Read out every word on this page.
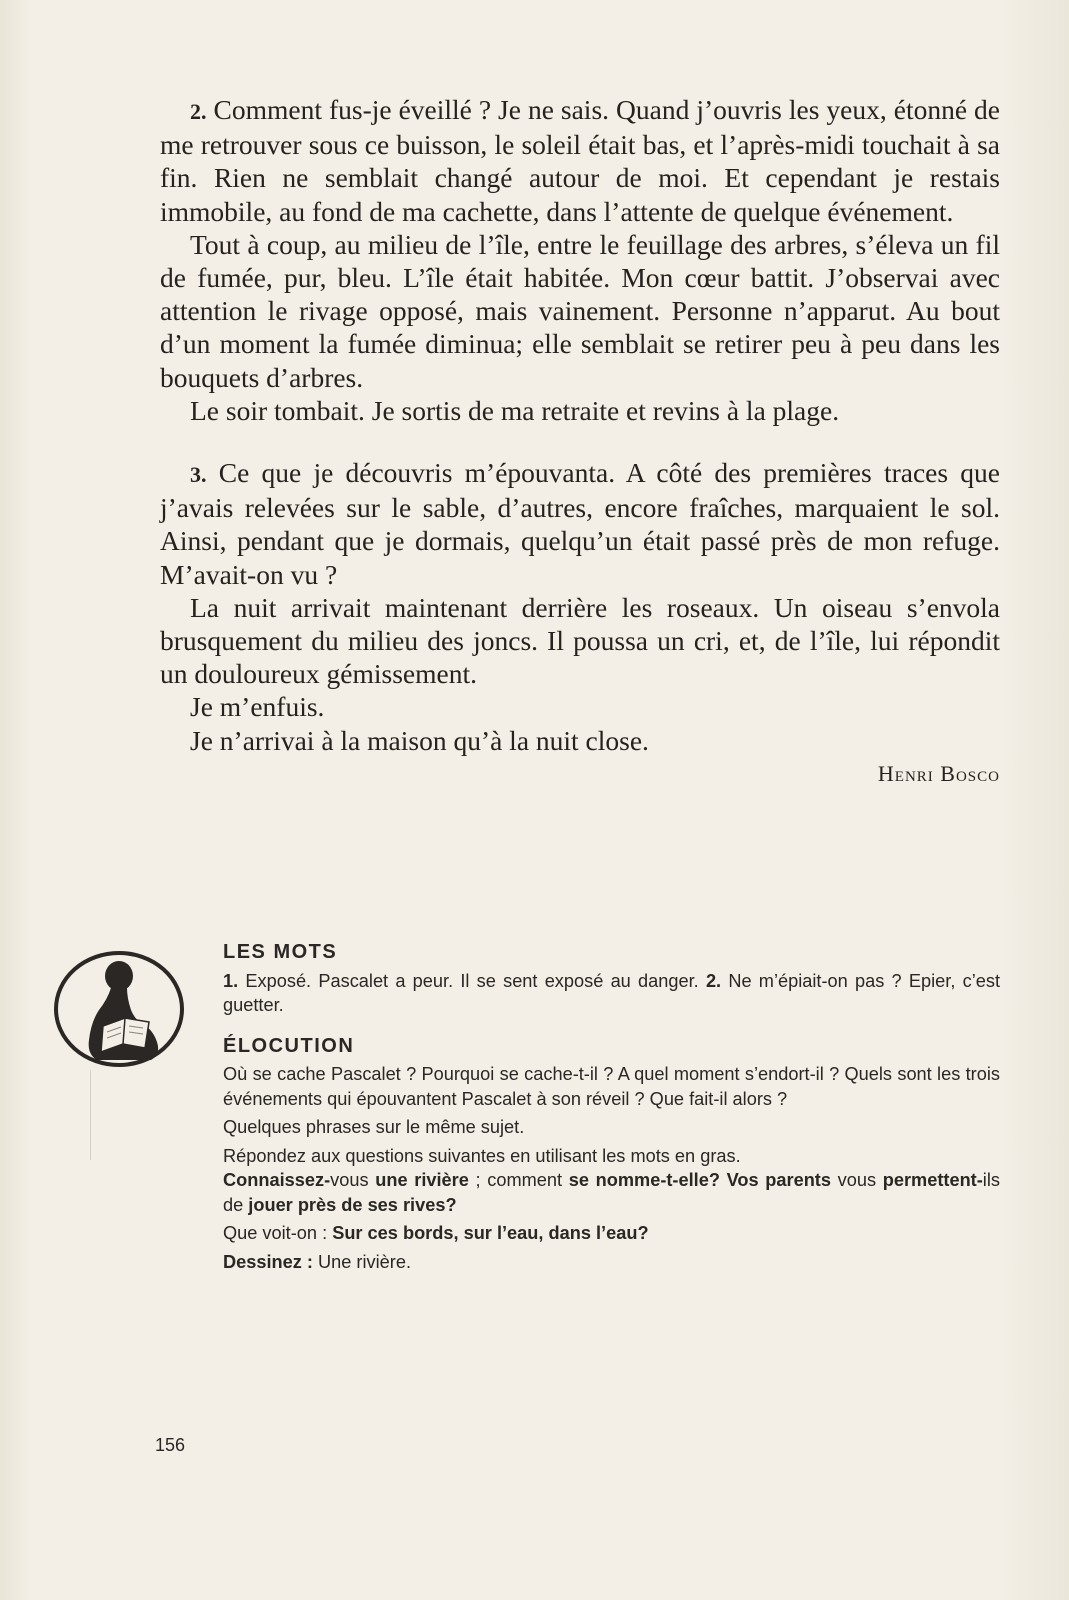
2. Comment fus-je éveillé ? Je ne sais. Quand j’ouvris les yeux, étonné de me retrouver sous ce buisson, le soleil était bas, et l’après-midi touchait à sa fin. Rien ne semblait changé autour de moi. Et cependant je restais immobile, au fond de ma cachette, dans l’attente de quelque événement.

Tout à coup, au milieu de l’île, entre le feuillage des arbres, s’éleva un fil de fumée, pur, bleu. L’île était habitée. Mon cœur battit. J’observai avec attention le rivage opposé, mais vainement. Personne n’apparut. Au bout d’un moment la fumée diminua; elle semblait se retirer peu à peu dans les bouquets d’arbres.

Le soir tombait. Je sortis de ma retraite et revins à la plage.

3. Ce que je découvris m’épouvanta. A côté des premières traces que j’avais relevées sur le sable, d’autres, encore fraîches, marquaient le sol. Ainsi, pendant que je dormais, quelqu’un était passé près de mon refuge. M’avait-on vu ?

La nuit arrivait maintenant derrière les roseaux. Un oiseau s’envola brusquement du milieu des joncs. Il poussa un cri, et, de l’île, lui répondit un douloureux gémissement.

Je m’enfuis.

Je n’arrivai à la maison qu’à la nuit close.

Henri Bosco

LES MOTS

1. Exposé. Pascalet a peur. Il se sent exposé au danger. 2. Ne m’épiait-on pas ? Epier, c’est guetter.

ÉLOCUTION

Où se cache Pascalet ? Pourquoi se cache-t-il ? A quel moment s’endort-il ? Quels sont les trois événements qui épouvantent Pascalet à son réveil ? Que fait-il alors ?

Quelques phrases sur le même sujet.

Répondez aux questions suivantes en utilisant les mots en gras.
Connaissez-vous une rivière ; comment se nomme-t-elle? Vos parents vous permettent-ils de jouer près de ses rives?

Que voit-on : Sur ces bords, sur l’eau, dans l’eau?

Dessinez : Une rivière.

156
